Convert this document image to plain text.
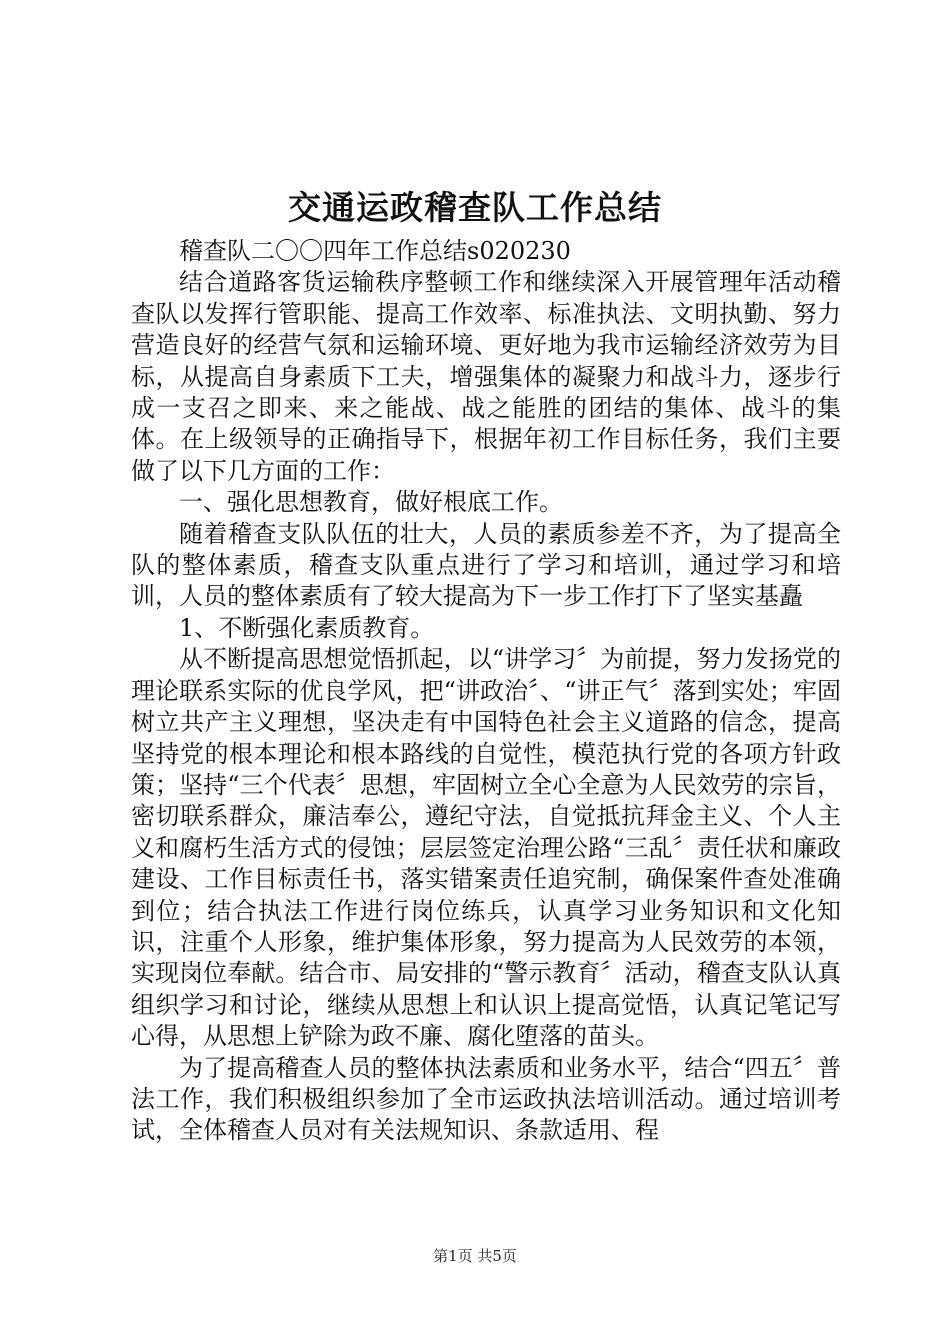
交通运政稽查队工作总结

稽查队二〇〇四年工作总结s020230

结合道路客货运输秩序整顿工作和继续深入开展管理年活动稽查队以发挥行管职能、提高工作效率、标准执法、文明执勤、努力营造良好的经营气氛和运输环境、更好地为我市运输经济效劳为目标，从提高自身素质下工夫，增强集体的凝聚力和战斗力，逐步行成一支召之即来、来之能战、战之能胜的团结的集体、战斗的集体。在上级领导的正确指导下，根据年初工作目标任务，我们主要做了以下几方面的工作：

一、强化思想教育，做好根底工作。

随着稽查支队队伍的壮大，人员的素质参差不齐，为了提高全队的整体素质，稽查支队重点进行了学习和培训，通过学习和培训，人员的整体素质有了较大提高为下一步工作打下了坚实基矗

1、不断强化素质教育。

从不断提高思想觉悟抓起，以“讲学习〞为前提，努力发扬党的理论联系实际的优良学风，把“讲政治〞、“讲正气〞落到实处；牢固树立共产主义理想，坚决走有中国特色社会主义道路的信念，提高坚持党的根本理论和根本路线的自觉性，模范执行党的各项方针政策；坚持“三个代表〞思想，牢固树立全心全意为人民效劳的宗旨，密切联系群众，廉洁奉公，遵纪守法，自觉抵抗拜金主义、个人主义和腐朽生活方式的侵蚀；层层签定治理公路“三乱〞责任状和廉政建设、工作目标责任书，落实错案责任追究制，确保案件查处准确到位；结合执法工作进行岗位练兵，认真学习业务知识和文化知识，注重个人形象，维护集体形象，努力提高为人民效劳的本领，实现岗位奉献。结合市、局安排的“警示教育〞活动，稽查支队认真组织学习和讨论，继续从思想上和认识上提高觉悟，认真记笔记写心得，从思想上铲除为政不廉、腐化堕落的苗头。

为了提高稽查人员的整体执法素质和业务水平，结合“四五〞普法工作，我们积极组织参加了全市运政执法培训活动。通过培训考试，全体稽查人员对有关法规知识、条款适用、程

第1页 共5页
